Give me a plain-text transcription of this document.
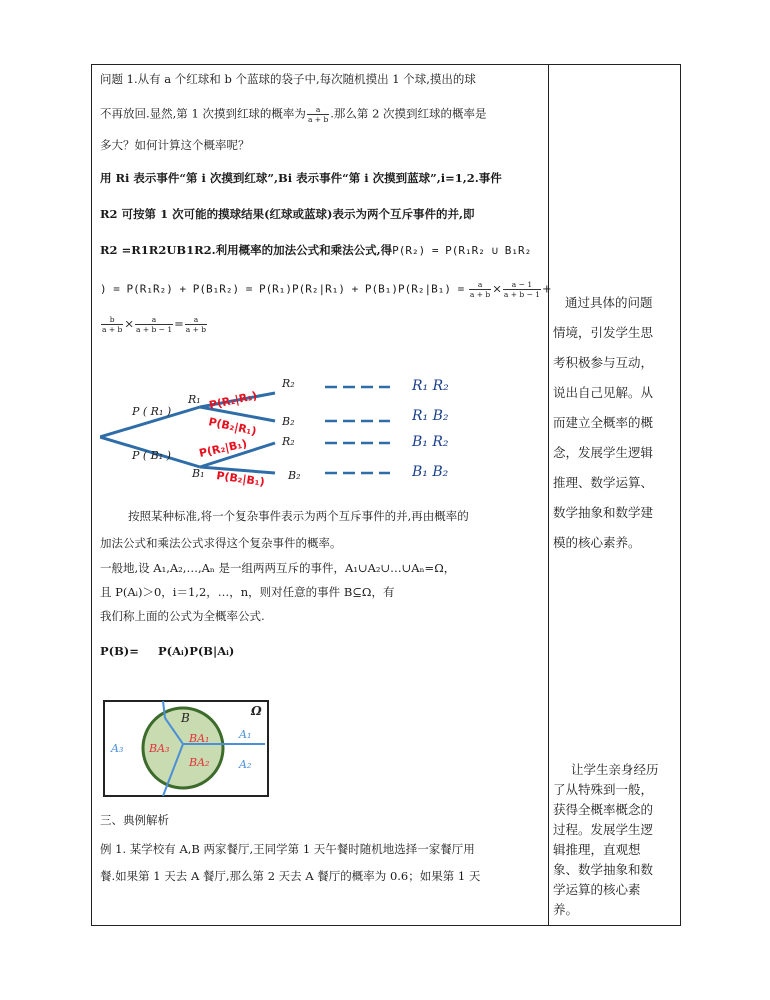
问题 1.从有 a 个红球和 b 个蓝球的袋子中,每次随机摸出 1 个球,摸出的球
不再放回.显然,第 1 次摸到红球的概率为 $\frac{a}{a + b}$ .那么第 2 次摸到红球的概率是
多大？如何计算这个概率呢？
用 Ri 表示事件“第 i 次摸到红球”,Bi 表示事件“第 i 次摸到蓝球”,i=1,2.事件
R2 可按第 1 次可能的摸球结果(红球或蓝球)表示为两个互斥事件的并,即
R2 =R1R2UB1R2.利用概率的加法公式和乘法公式,得P(R₂) = P(R₁R₂ ∪ B₁R₂
) = $P(R_1R_2) + P(B_1R_2) = P(R_1)P(R_2|R_1) + P(B_1)P(R_2|B_1) = \frac{a}{a + b} \times \frac{a - 1}{a + b - 1}$ +
$\frac{b}{a + b} \times \frac{a}{a + b - 1} = \frac{a}{a + b}$
P ( R₁ )
P ( B₁ )
R₁
B₁
R₂
B₂
R₂
B₂
R₁ R₂
R₁ B₂
B₁ R₂
B₁ B₂
P(R₂|R₁)
P(B₂|R₁)
P(R₂|B₁)
P(B₂|B₁)
按照某种标准,将一个复杂事件表示为两个互斥事件的并,再由概率的
加法公式和乘法公式求得这个复杂事件的概率。
一般地,设 A₁,A₂,…,Aₙ 是一组两两互斥的事件，A₁∪A₂∪…∪Aₙ=Ω，
且 P(Aᵢ)＞0，i＝1,2，…，n，则对任意的事件 B⊆Ω，有
我们称上面的公式为全概率公式.
P(B)= P(Aᵢ)P(B|Aᵢ)
Ω
B
A₃
A₁
A₂
BA₁
BA₂
BA₃
三、典例解析
例 1. 某学校有 A,B 两家餐厅,王同学第 1 天午餐时随机地选择一家餐厅用
餐.如果第 1 天去 A 餐厅,那么第 2 天去 A 餐厅的概率为 0.6；如果第 1 天
通过具体的问题
情境，引发学生思
考积极参与互动，
说出自己见解。从
而建立全概率的概
念，发展学生逻辑
推理、数学运算、
数学抽象和数学建
模的核心素养。
让学生亲身经历
了从特殊到一般，
获得全概率概念的
过程。发展学生逻
辑推理，直观想
象、数学抽象和数
学运算的核心素
养。
